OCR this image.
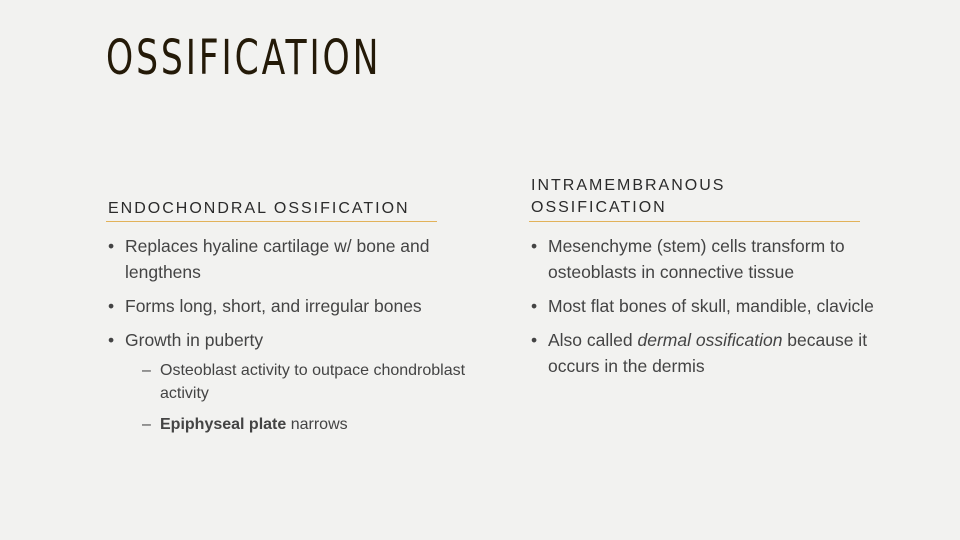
OSSIFICATION
ENDOCHONDRAL OSSIFICATION
INTRAMEMBRANOUS OSSIFICATION
• Replaces hyaline cartilage w/ bone and lengthens
• Forms long, short, and irregular bones
• Growth in puberty
– Osteoblast activity to outpace chondroblast activity
– Epiphyseal plate narrows
• Mesenchyme (stem) cells transform to osteoblasts in connective tissue
• Most flat bones of skull, mandible, clavicle
• Also called dermal ossification because it occurs in the dermis
